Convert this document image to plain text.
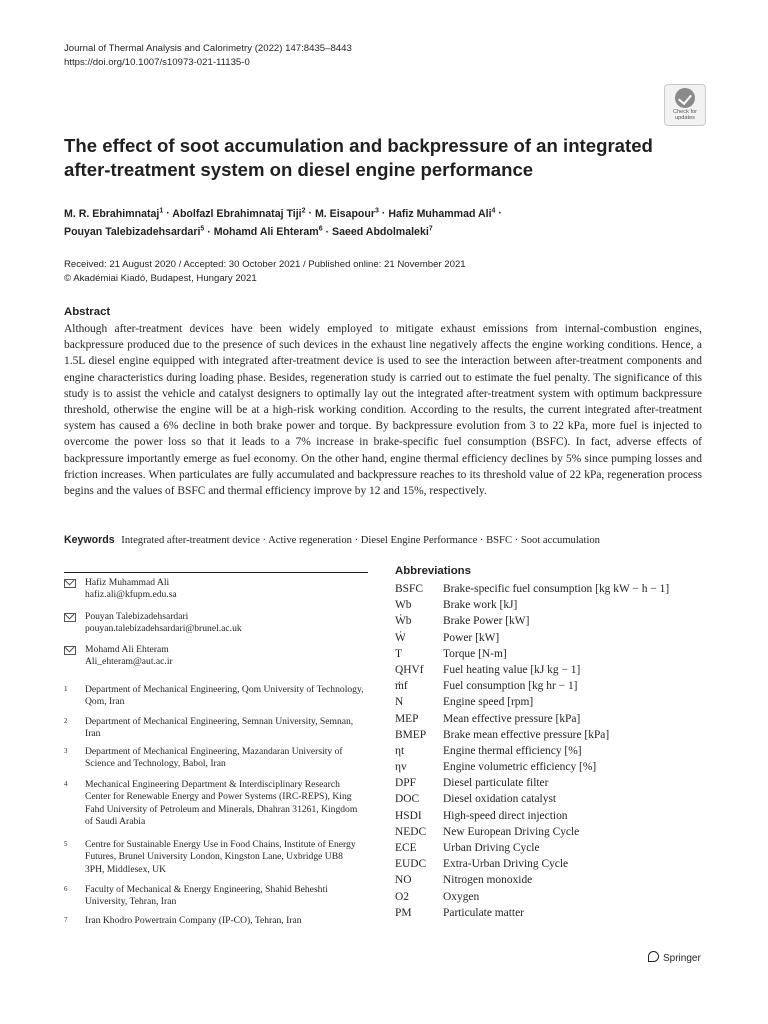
Journal of Thermal Analysis and Calorimetry (2022) 147:8435–8443
https://doi.org/10.1007/s10973-021-11135-0
Check for
updates
The effect of soot accumulation and backpressure of an integrated
after-treatment system on diesel engine performance
M. R. Ebrahimnataj$^1$ · Abolfazl Ebrahimnataj Tiji$^2$ · M. Eisapour$^3$ · Hafiz Muhammad Ali$^4$ ·
Pouyan Talebizadehsardari$^5$ · Mohamd Ali Ehteram$^6$ · Saeed Abdolmaleki$^7$
Received: 21 August 2020 / Accepted: 30 October 2021 / Published online: 21 November 2021
© Akadémiai Kiadó, Budapest, Hungary 2021
Abstract
Although after-treatment devices have been widely employed to mitigate exhaust emissions from internal-combustion engines, backpressure produced due to the presence of such devices in the exhaust line negatively affects the engine working conditions. Hence, a 1.5L diesel engine equipped with integrated after-treatment device is used to see the interaction between after-treatment components and engine characteristics during loading phase. Besides, regeneration study is carried out to estimate the fuel penalty. The significance of this study is to assist the vehicle and catalyst designers to optimally lay out the integrated after-treatment system with optimum backpressure threshold, otherwise the engine will be at a high-risk working condition. According to the results, the current integrated after-treatment system has caused a 6% decline in both brake power and torque. By backpressure evolution from 3 to 22 kPa, more fuel is injected to overcome the power loss so that it leads to a 7% increase in brake-specific fuel consumption (BSFC). In fact, adverse effects of backpressure importantly emerge as fuel economy. On the other hand, engine thermal efficiency declines by 5% since pumping losses and friction increases. When particulates are fully accumulated and backpressure reaches to its threshold value of 22 kPa, regeneration process begins and the values of BSFC and thermal efficiency improve by 12 and 15%, respectively.
Keywords Integrated after-treatment device · Active regeneration · Diesel Engine Performance · BSFC · Soot accumulation
Hafiz Muhammad Ali
hafiz.ali@kfupm.edu.sa
Pouyan Talebizadehsardari
pouyan.talebizadehsardari@brunel.ac.uk
Mohamd Ali Ehteram
Ali_ehteram@aut.ac.ir
1 Department of Mechanical Engineering, Qom University of Technology, Qom, Iran
2 Department of Mechanical Engineering, Semnan University, Semnan, Iran
3 Department of Mechanical Engineering, Mazandaran University of Science and Technology, Babol, Iran
4 Mechanical Engineering Department & Interdisciplinary Research Center for Renewable Energy and Power Systems (IRC-REPS), King Fahd University of Petroleum and Minerals, Dhahran 31261, Kingdom of Saudi Arabia
5 Centre for Sustainable Energy Use in Food Chains, Institute of Energy Futures, Brunel University London, Kingston Lane, Uxbridge UB8 3PH, Middlesex, UK
6 Faculty of Mechanical & Energy Engineering, Shahid Beheshti University, Tehran, Iran
7 Iran Khodro Powertrain Company (IP-CO), Tehran, Iran
Abbreviations
BSFC Brake-specific fuel consumption [kg kW − h − 1]
Wb	Brake work [kJ]
Ẇb	Brake Power [kW]
Ẇ	Power [kW]
T	Torque [N-m]
QHVf Fuel heating value [kJ kg − 1]
ṁf	Fuel consumption [kg hr − 1]
N	Engine speed [rpm]
MEP Mean effective pressure [kPa]
BMEP Brake mean effective pressure [kPa]
ηt	Engine thermal efficiency [%]
ηv	Engine volumetric efficiency [%]
DPF Diesel particulate filter
DOC Diesel oxidation catalyst
HSDI High-speed direct injection
NEDC New European Driving Cycle
ECE Urban Driving Cycle
EUDC Extra-Urban Driving Cycle
NO	Nitrogen monoxide
O2	Oxygen
PM	Particulate matter
Springer
